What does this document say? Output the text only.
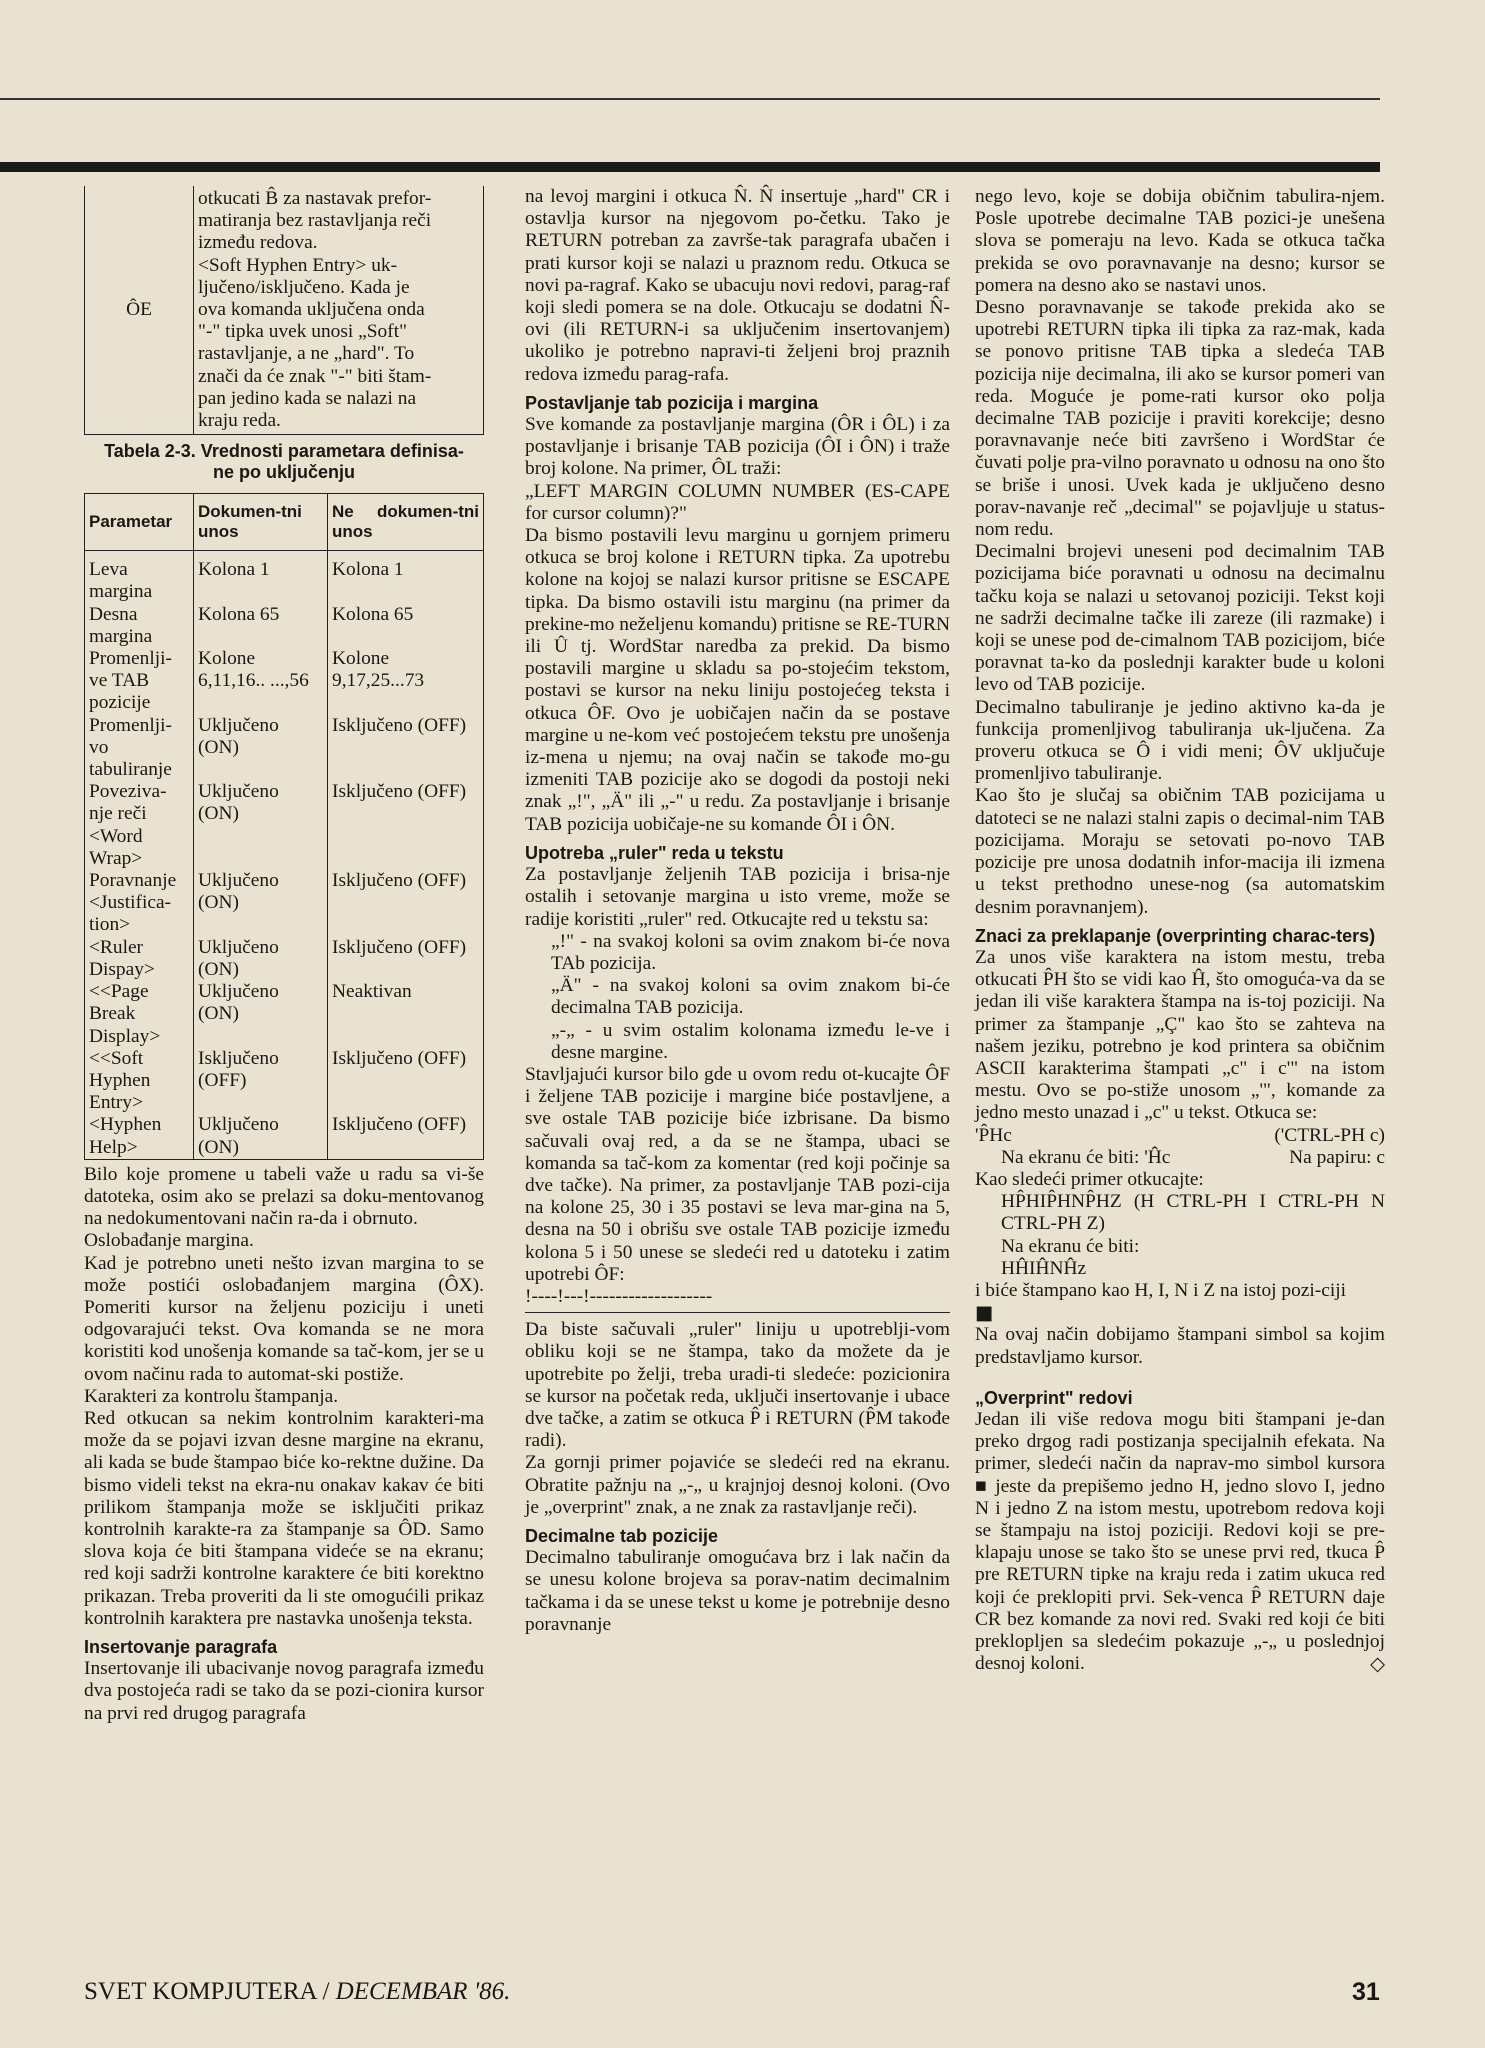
ÔE	
otkucati B̂ za nastavak prefor-
matiranja bez rastavljanja reči
između redova.
<Soft Hyphen Entry> uk-
ljučeno/isključeno. Kada je
ova komanda uključena onda
"-" tipka uvek unosi „Soft"
rastavljanje, a ne „hard". To
znači da će znak "-" biti štam-
pan jedino kada se nalazi na
kraju reda.
Tabela 2-3. Vrednosti parametara definisa-
ne po uključenju
Parametar	Dokumen-tni unos	Ne dokumen-tni unos
Leva margina	Kolona 1	Kolona 1
Desna margina	Kolona 65	Kolona 65
Promenlji-ve TAB pozicije	Kolone 6,11,16.. ...,56	Kolone 9,17,25...73
Promenlji-vo tabuliranje	Uključeno (ON)	Isključeno (OFF)
Poveziva-nje reči <Word Wrap>	Uključeno (ON)	Isključeno (OFF)
Poravnanje <Justifica-tion>	Uključeno (ON)	Isključeno (OFF)
<Ruler Dispay>	Uključeno (ON)	Isključeno (OFF)
<<Page Break Display>	Uključeno (ON)	Neaktivan
<<Soft Hyphen Entry>	Isključeno (OFF)	Isključeno (OFF)
<Hyphen Help>	Uključeno (ON)	Isključeno (OFF)

Bilo koje promene u tabeli važe u radu sa vi-še datoteka, osim ako se prelazi sa doku-mentovanog na nedokumentovani način ra-da i obrnuto.

Oslobađanje margina.

Kad je potrebno uneti nešto izvan margina to se može postići oslobađanjem margina (ÔX). Pomeriti kursor na željenu poziciju i uneti odgovarajući tekst. Ova komanda se ne mora koristiti kod unošenja komande sa tač-kom, jer se u ovom načinu rada to automat-ski postiže.

Karakteri za kontrolu štampanja.

Red otkucan sa nekim kontrolnim karakteri-ma može da se pojavi izvan desne margine na ekranu, ali kada se bude štampao biće ko-rektne dužine. Da bismo videli tekst na ekra-nu onakav kakav će biti prilikom štampanja može se isključiti prikaz kontrolnih karakte-ra za štampanje sa ÔD. Samo slova koja će biti štampana videće se na ekranu; red koji sadrži kontrolne karaktere će biti korektno prikazan. Treba proveriti da li ste omogućili prikaz kontrolnih karaktera pre nastavka unošenja teksta.

Insertovanje paragrafa

Insertovanje ili ubacivanje novog paragrafa između dva postojeća radi se tako da se pozi-cionira kursor na prvi red drugog paragrafa

na levoj margini i otkuca N̂. N̂ insertuje „hard" CR i ostavlja kursor na njegovom po-četku. Tako je RETURN potreban za završe-tak paragrafa ubačen i prati kursor koji se nalazi u praznom redu. Otkuca se novi pa-ragraf. Kako se ubacuju novi redovi, parag-raf koji sledi pomera se na dole. Otkucaju se dodatni N̂-ovi (ili RETURN-i sa uključenim insertovanjem) ukoliko je potrebno napravi-ti željeni broj praznih redova između parag-rafa.

Postavljanje tab pozicija i margina

Sve komande za postavljanje margina (ÔR i ÔL) i za postavljanje i brisanje TAB pozicija (ÔI i ÔN) i traže broj kolone. Na primer, ÔL traži:

„LEFT MARGIN COLUMN NUMBER (ES-CAPE for cursor column)?"

Da bismo postavili levu marginu u gornjem primeru otkuca se broj kolone i RETURN tipka. Za upotrebu kolone na kojoj se nalazi kursor pritisne se ESCAPE tipka. Da bismo ostavili istu marginu (na primer da prekine-mo neželjenu komandu) pritisne se RE-TURN ili Û tj. WordStar naredba za prekid. Da bismo postavili margine u skladu sa po-stojećim tekstom, postavi se kursor na neku liniju postojećeg teksta i otkuca ÔF. Ovo je uobičajen način da se postave margine u ne-kom već postojećem tekstu pre unošenja iz-mena u njemu; na ovaj način se takođe mo-gu izmeniti TAB pozicije ako se dogodi da postoji neki znak „!", „Ä" ili „-" u redu. Za postavljanje i brisanje TAB pozicija uobičaje-ne su komande ÔI i ÔN.

Upotreba „ruler" reda u tekstu

Za postavljanje željenih TAB pozicija i brisa-nje ostalih i setovanje margina u isto vreme, može se radije koristiti „ruler" red. Otkucajte red u tekstu sa:

„!" - na svakoj koloni sa ovim znakom bi-će nova TAb pozicija.

„Ä" - na svakoj koloni sa ovim znakom bi-će decimalna TAB pozicija.

„-„ - u svim ostalim kolonama između le-ve i desne margine.

Stavljajući kursor bilo gde u ovom redu ot-kucajte ÔF i željene TAB pozicije i margine biće postavljene, a sve ostale TAB pozicije biće izbrisane. Da bismo sačuvali ovaj red, a da se ne štampa, ubaci se komanda sa tač-kom za komentar (red koji počinje sa dve tačke). Na primer, za postavljanje TAB pozi-cija na kolone 25, 30 i 35 postavi se leva mar-gina na 5, desna na 50 i obrišu sve ostale TAB pozicije između kolona 5 i 50 unese se sledeći red u datoteku i zatim upotrebi ÔF:

!----!---!-------------------

Da biste sačuvali „ruler" liniju u upotreblji-vom obliku koji se ne štampa, tako da možete da je upotrebite po želji, treba uradi-ti sledeće: pozicionira se kursor na početak reda, uključi insertovanje i ubace dve tačke, a zatim se otkuca P̂ i RETURN (P̂M takođe radi).

Za gornji primer pojaviće se sledeći red na ekranu. Obratite pažnju na „-„ u krajnjoj desnoj koloni. (Ovo je „overprint" znak, a ne znak za rastavljanje reči).

Decimalne tab pozicije

Decimalno tabuliranje omogućava brz i lak način da se unesu kolone brojeva sa porav-natim decimalnim tačkama i da se unese tekst u kome je potrebnije desno poravnanje

nego levo, koje se dobija običnim tabulira-njem. Posle upotrebe decimalne TAB pozici-je unešena slova se pomeraju na levo. Kada se otkuca tačka prekida se ovo poravnavanje na desno; kursor se pomera na desno ako se nastavi unos.

Desno poravnavanje se takođe prekida ako se upotrebi RETURN tipka ili tipka za raz-mak, kada se ponovo pritisne TAB tipka a sledeća TAB pozicija nije decimalna, ili ako se kursor pomeri van reda. Moguće je pome-rati kursor oko polja decimalne TAB pozicije i praviti korekcije; desno poravnavanje neće biti završeno i WordStar će čuvati polje pra-vilno poravnato u odnosu na ono što se briše i unosi. Uvek kada je uključeno desno porav-navanje reč „decimal" se pojavljuje u status-nom redu.

Decimalni brojevi uneseni pod decimalnim TAB pozicijama biće poravnati u odnosu na decimalnu tačku koja se nalazi u setovanoj poziciji. Tekst koji ne sadrži decimalne tačke ili zareze (ili razmake) i koji se unese pod de-cimalnom TAB pozicijom, biće poravnat ta-ko da poslednji karakter bude u koloni levo od TAB pozicije.

Decimalno tabuliranje je jedino aktivno ka-da je funkcija promenljivog tabuliranja uk-ljučena. Za proveru otkuca se Ô i vidi meni; ÔV uključuje promenljivo tabuliranje.

Kao što je slučaj sa običnim TAB pozicijama u datoteci se ne nalazi stalni zapis o decimal-nim TAB pozicijama. Moraju se setovati po-novo TAB pozicije pre unosa dodatnih infor-macija ili izmena u tekst prethodno unese-nog (sa automatskim desnim poravnanjem).

Znaci za preklapanje (overprinting charac-ters)

Za unos više karaktera na istom mestu, treba otkucati P̂H što se vidi kao Ĥ, što omogućа-va da se jedan ili više karaktera štampa na is-toj poziciji. Na primer za štampanje „Ç" kao što se zahteva na našem jeziku, potrebno je kod printera sa običnim ASCII karakterima štampati „c" i c'" na istom mestu. Ovo se po-stiže unosom „'", komande za jedno mesto unazad i „c" u tekst. Otkuca se:

'P̂Hc	('CTRL-PH c)
Na ekranu će biti: 'Ĥc	Na papiru: c

Kao sledeći primer otkucajte:

HP̂HIP̂HNP̂HZ (H CTRL-PH I CTRL-PH N CTRL-PH Z)

Na ekranu će biti:

HĤIĤNĤz

i biće štampano kao H, I, N i Z na istoj pozi-ciji

■

Na ovaj način dobijamo štampani simbol sa kojim predstavljamo kursor.

„Overprint" redovi

Jedan ili više redova mogu biti štampani je-dan preko drgog radi postizanja specijalnih efekata. Na primer, sledeći način da naprav-mo simbol kursora ■ jeste da prepišemo jedno H, jedno slovo I, jedno N i jedno Z na istom mestu, upotrebom redova koji se štampaju na istoj poziciji. Redovi koji se pre-klapaju unose se tako što se unese prvi red, tkuca P̂ pre RETURN tipke na kraju reda i zatim ukuca red koji će preklopiti prvi. Sek-venca P̂ RETURN daje CR bez komande za novi red. Svaki red koji će biti preklopljen sa sledećim pokazuje „-„ u poslednjoj desnoj koloni.	◇

SVET KOMPJUTERA / DECEMBAR '86.	31
